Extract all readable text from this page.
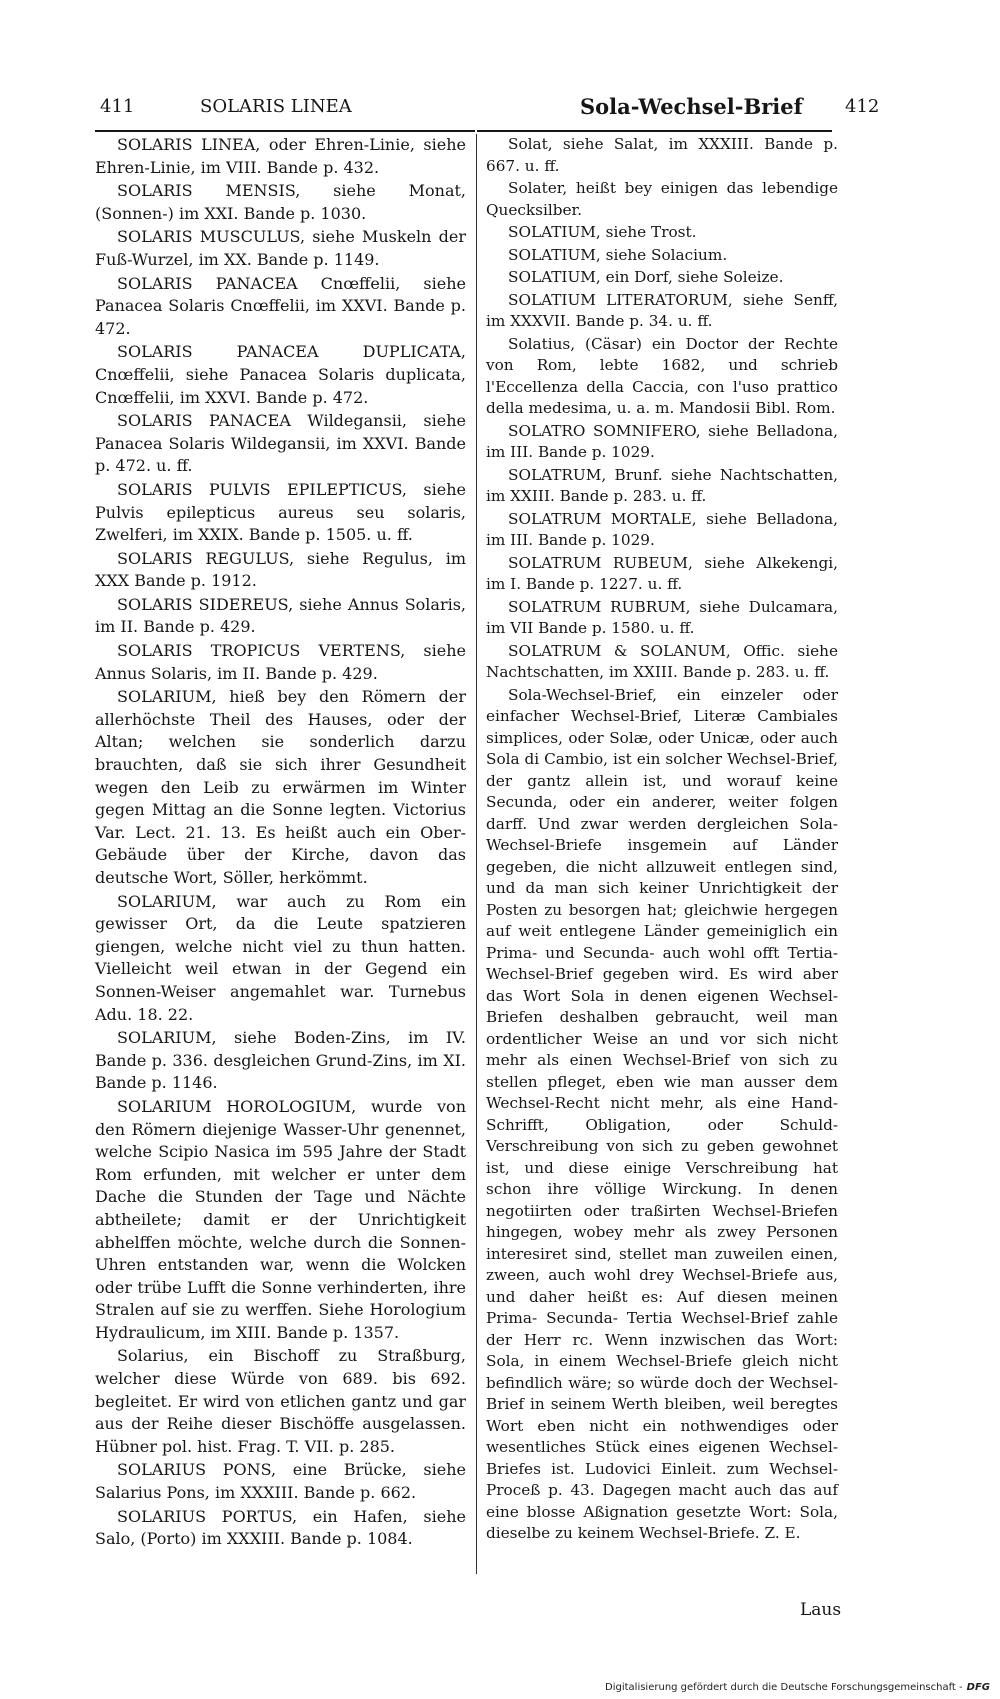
411	SOLARIS LINEA	Sola-Wechsel-Brief 412

SOLARIS LINEA, oder Ehren-Linie, siehe Ehren-Linie, im VIII. Bande p. 432.

SOLARIS MENSIS, siehe Monat, (Sonnen-) im XXI. Bande p. 1030.

SOLARIS MUSCULUS, siehe Muskeln der Fuß-Wurzel, im XX. Bande p. 1149.

SOLARIS PANACEA Cnœffelii, siehe Panacea Solaris Cnœffelii, im XXVI. Bande p. 472.

SOLARIS PANACEA DUPLICATA, Cnœffelii, siehe Panacea Solaris duplicata, Cnœffelii, im XXVI. Bande p. 472.

SOLARIS PANACEA Wildegansii, siehe Panacea Solaris Wildegansii, im XXVI. Bande p. 472. u. ff.

SOLARIS PULVIS EPILEPTICUS, siehe Pulvis epilepticus aureus seu solaris, Zwelferi, im XXIX. Bande p. 1505. u. ff.

SOLARIS REGULUS, siehe Regulus, im XXX Bande p. 1912.

SOLARIS SIDEREUS, siehe Annus Solaris, im II. Bande p. 429.

SOLARIS TROPICUS VERTENS, siehe Annus Solaris, im II. Bande p. 429.

SOLARIUM, hieß bey den Römern der allerhöchste Theil des Hauses, oder der Altan; welchen sie sonderlich darzu brauchten, daß sie sich ihrer Gesundheit wegen den Leib zu erwärmen im Winter gegen Mittag an die Sonne legten. Victorius Var. Lect. 21. 13. Es heißt auch ein Ober-Gebäude über der Kirche, davon das deutsche Wort, Söller, herkömmt.

SOLARIUM, war auch zu Rom ein gewisser Ort, da die Leute spatzieren giengen, welche nicht viel zu thun hatten. Vielleicht weil etwan in der Gegend ein Sonnen-Weiser angemahlet war. Turnebus Adu. 18. 22.

SOLARIUM, siehe Boden-Zins, im IV. Bande p. 336. desgleichen Grund-Zins, im XI. Bande p. 1146.

SOLARIUM HOROLOGIUM, wurde von den Römern diejenige Wasser-Uhr genennet, welche Scipio Nasica im 595 Jahre der Stadt Rom erfunden, mit welcher er unter dem Dache die Stunden der Tage und Nächte abtheilete; damit er der Unrichtigkeit abhelffen möchte, welche durch die Sonnen-Uhren entstanden war, wenn die Wolcken oder trübe Lufft die Sonne verhinderten, ihre Stralen auf sie zu werffen. Siehe Horologium Hydraulicum, im XIII. Bande p. 1357.

Solarius, ein Bischoff zu Straßburg, welcher diese Würde von 689. bis 692. begleitet. Er wird von etlichen gantz und gar aus der Reihe dieser Bischöffe ausgelassen. Hübner pol. hist. Frag. T. VII. p. 285.

SOLARIUS PONS, eine Brücke, siehe Salarius Pons, im XXXIII. Bande p. 662.

SOLARIUS PORTUS, ein Hafen, siehe Salo, (Porto) im XXXIII. Bande p. 1084.

Solat, siehe Salat, im XXXIII. Bande p. 667. u. ff.

Solater, heißt bey einigen das lebendige Quecksilber.

SOLATIUM, siehe Trost.

SOLATIUM, siehe Solacium.

SOLATIUM, ein Dorf, siehe Soleize.

SOLATIUM LITERATORUM, siehe Senff, im XXXVII. Bande p. 34. u. ff.

Solatius, (Cäsar) ein Doctor der Rechte von Rom, lebte 1682, und schrieb l'Eccellenza della Caccia, con l'uso prattico della medesima, u. a. m. Mandosii Bibl. Rom.

SOLATRO SOMNIFERO, siehe Belladona, im III. Bande p. 1029.

SOLATRUM, Brunf. siehe Nachtschatten, im XXIII. Bande p. 283. u. ff.

SOLATRUM MORTALE, siehe Belladona, im III. Bande p. 1029.

SOLATRUM RUBEUM, siehe Alkekengi, im I. Bande p. 1227. u. ff.

SOLATRUM RUBRUM, siehe Dulcamara, im VII Bande p. 1580. u. ff.

SOLATRUM & SOLANUM, Offic. siehe Nachtschatten, im XXIII. Bande p. 283. u. ff.

Sola-Wechsel-Brief, ein einzeler oder einfacher Wechsel-Brief, Literæ Cambiales simplices, oder Solæ, oder Unicæ, oder auch Sola di Cambio, ist ein solcher Wechsel-Brief, der gantz allein ist, und worauf keine Secunda, oder ein anderer, weiter folgen darff. Und zwar werden dergleichen Sola-Wechsel-Briefe insgemein auf Länder gegeben, die nicht allzuweit entlegen sind, und da man sich keiner Unrichtigkeit der Posten zu besorgen hat; gleichwie hergegen auf weit entlegene Länder gemeiniglich ein Prima- und Secunda- auch wohl offt Tertia-Wechsel-Brief gegeben wird. Es wird aber das Wort Sola in denen eigenen Wechsel-Briefen deshalben gebraucht, weil man ordentlicher Weise an und vor sich nicht mehr als einen Wechsel-Brief von sich zu stellen pfleget, eben wie man ausser dem Wechsel-Recht nicht mehr, als eine Hand-Schrifft, Obligation, oder Schuld-Verschreibung von sich zu geben gewohnet ist, und diese einige Verschreibung hat schon ihre völlige Wirckung. In denen negotiirten oder traßirten Wechsel-Briefen hingegen, wobey mehr als zwey Personen interesiret sind, stellet man zuweilen einen, zween, auch wohl drey Wechsel-Briefe aus, und daher heißt es: Auf diesen meinen Prima- Secunda- Tertia Wechsel-Brief zahle der Herr rc. Wenn inzwischen das Wort: Sola, in einem Wechsel-Briefe gleich nicht befindlich wäre; so würde doch der Wechsel-Brief in seinem Werth bleiben, weil beregtes Wort eben nicht ein nothwendiges oder wesentliches Stück eines eigenen Wechsel-Briefes ist. Ludovici Einleit. zum Wechsel-Proceß p. 43. Dagegen macht auch das auf eine blosse Aßignation gesetzte Wort: Sola, dieselbe zu keinem Wechsel-Briefe. Z. E.

Laus
Digitalisierung gefördert durch die Deutsche Forschungsgemeinschaft - DFG
